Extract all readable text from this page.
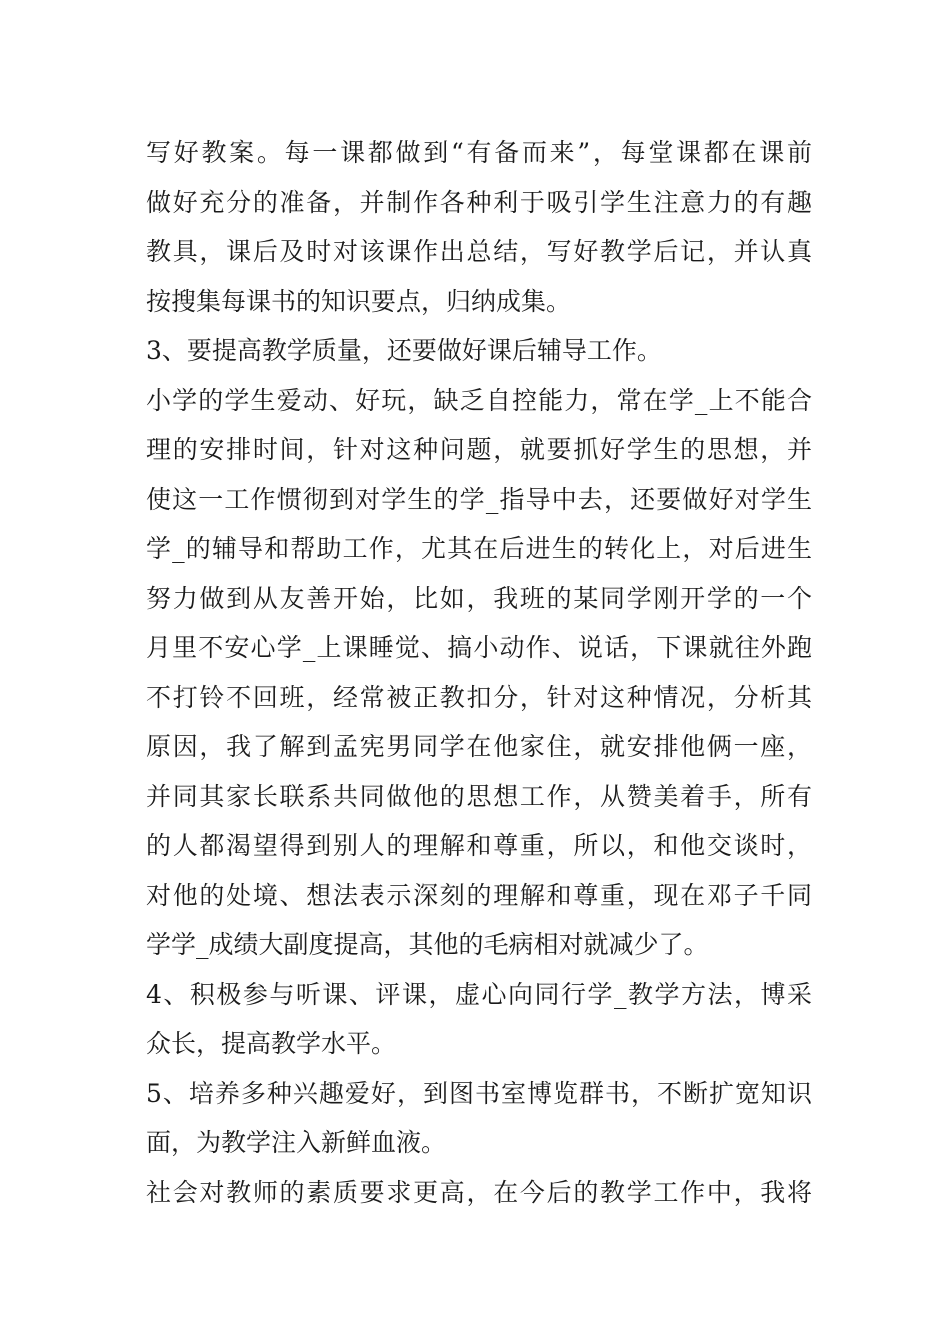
写好教案。每一课都做到“有备而来”，每堂课都在课前
做好充分的准备，并制作各种利于吸引学生注意力的有趣
教具，课后及时对该课作出总结，写好教学后记，并认真
按搜集每课书的知识要点，归纳成集。
3、要提高教学质量，还要做好课后辅导工作。
小学的学生爱动、好玩，缺乏自控能力，常在学_上不能合
理的安排时间，针对这种问题，就要抓好学生的思想，并
使这一工作惯彻到对学生的学_指导中去，还要做好对学生
学_的辅导和帮助工作，尤其在后进生的转化上，对后进生
努力做到从友善开始，比如，我班的某同学刚开学的一个
月里不安心学_上课睡觉、搞小动作、说话，下课就往外跑
不打铃不回班，经常被正教扣分，针对这种情况，分析其
原因，我了解到孟宪男同学在他家住，就安排他俩一座，
并同其家长联系共同做他的思想工作，从赞美着手，所有
的人都渴望得到别人的理解和尊重，所以，和他交谈时，
对他的处境、想法表示深刻的理解和尊重，现在邓子千同
学学_成绩大副度提高，其他的毛病相对就减少了。
4、积极参与听课、评课，虚心向同行学_教学方法，博采
众长，提高教学水平。
5、培养多种兴趣爱好，到图书室博览群书，不断扩宽知识
面，为教学注入新鲜血液。
社会对教师的素质要求更高，在今后的教学工作中，我将
